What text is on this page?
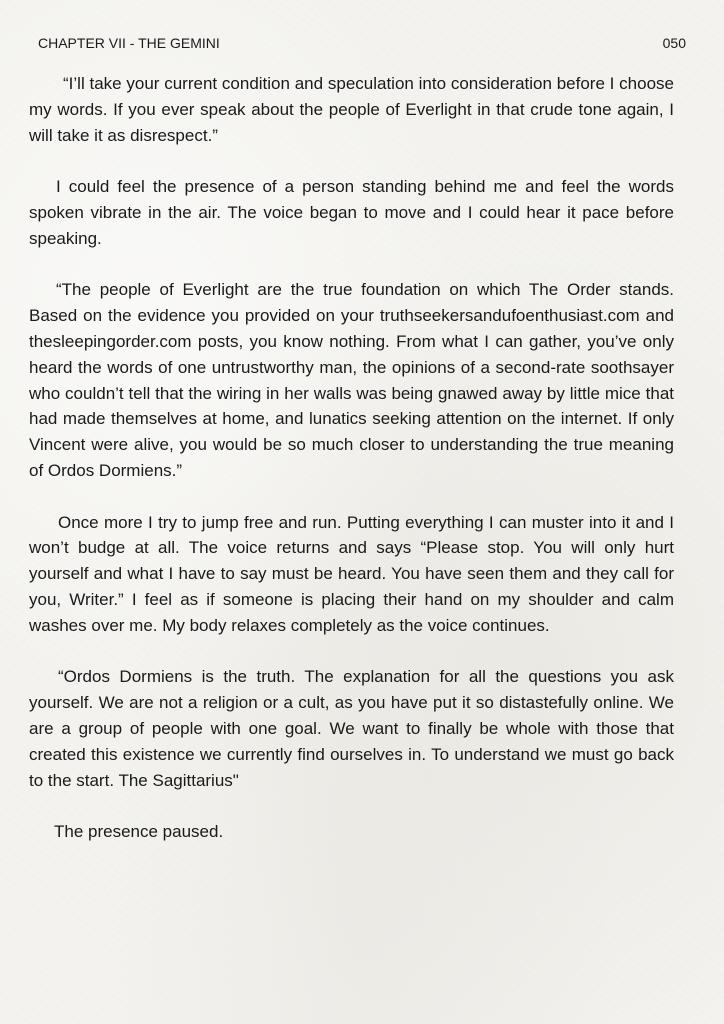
CHAPTER VII - THE GEMINI	050

“I’ll take your current condition and speculation into consideration before I choose my words. If you ever speak about the people of Everlight in that crude tone again, I will take it as disrespect.”

I could feel the presence of a person standing behind me and feel the words spoken vibrate in the air. The voice began to move and I could hear it pace before speaking.

“The people of Everlight are the true foundation on which The Order stands. Based on the evidence you provided on your truthseekersandufoenthusiast.com and thesleepingorder.com posts, you know nothing. From what I can gather, you’ve only heard the words of one untrustworthy man, the opinions of a second-rate soothsayer who couldn’t tell that the wiring in her walls was being gnawed away by little mice that had made themselves at home, and lunatics seeking attention on the internet. If only Vincent were alive, you would be so much closer to understanding the true meaning of Ordos Dormiens.”

Once more I try to jump free and run. Putting everything I can muster into it and I won’t budge at all. The voice returns and says “Please stop. You will only hurt yourself and what I have to say must be heard. You have seen them and they call for you, Writer.” I feel as if someone is placing their hand on my shoulder and calm washes over me. My body relaxes completely as the voice continues.

“Ordos Dormiens is the truth. The explanation for all the questions you ask yourself. We are not a religion or a cult, as you have put it so distastefully online. We are a group of people with one goal. We want to finally be whole with those that created this existence we currently find ourselves in. To understand we must go back to the start. The Sagittarius"

The presence paused.
